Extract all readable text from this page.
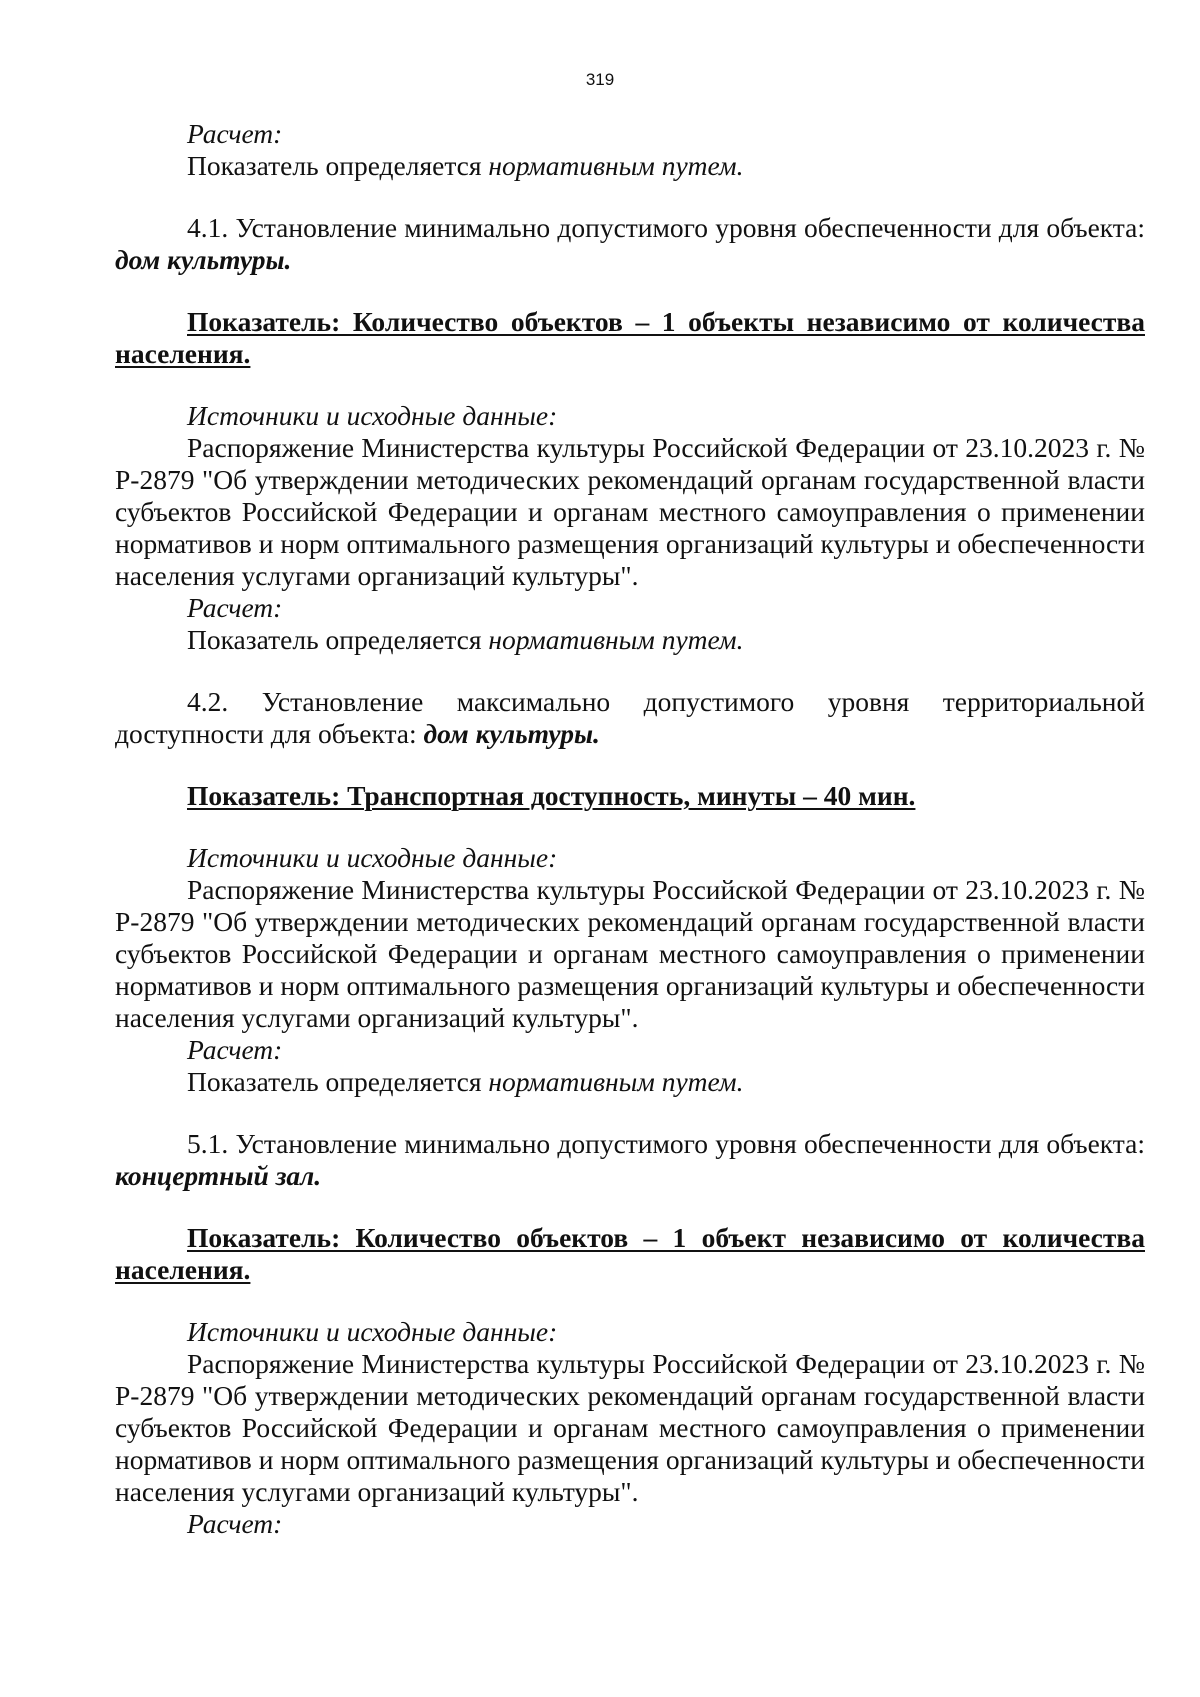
319

Расчет:

Показатель определяется нормативным путем.

4.1. Установление минимально допустимого уровня обеспеченности для объекта: дом культуры.

Показатель: Количество объектов – 1 объекты независимо от количества населения.

Источники и исходные данные:

Распоряжение Министерства культуры Российской Федерации от 23.10.2023 г. № Р-2879 "Об утверждении методических рекомендаций органам государственной власти субъектов Российской Федерации и органам местного самоуправления о применении нормативов и норм оптимального размещения организаций культуры и обеспеченности населения услугами организаций культуры".

Расчет:

Показатель определяется нормативным путем.

4.2. Установление максимально допустимого уровня территориальной доступности для объекта: дом культуры.

Показатель: Транспортная доступность, минуты – 40 мин.

Источники и исходные данные:

Распоряжение Министерства культуры Российской Федерации от 23.10.2023 г. № Р-2879 "Об утверждении методических рекомендаций органам государственной власти субъектов Российской Федерации и органам местного самоуправления о применении нормативов и норм оптимального размещения организаций культуры и обеспеченности населения услугами организаций культуры".

Расчет:

Показатель определяется нормативным путем.

5.1. Установление минимально допустимого уровня обеспеченности для объекта: концертный зал.

Показатель: Количество объектов – 1 объект независимо от количества населения.

Источники и исходные данные:

Распоряжение Министерства культуры Российской Федерации от 23.10.2023 г. № Р-2879 "Об утверждении методических рекомендаций органам государственной власти субъектов Российской Федерации и органам местного самоуправления о применении нормативов и норм оптимального размещения организаций культуры и обеспеченности населения услугами организаций культуры".

Расчет:
